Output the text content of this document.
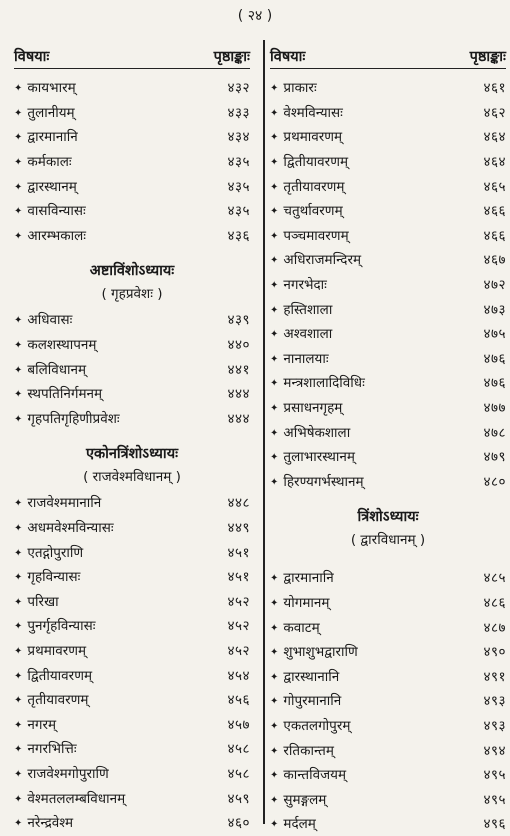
( २४ )
विषयाः	पृष्ठाङ्काः
✦ कायभारम्	४३२
✦ तुलानीयम्	४३३
✦ द्वारमानानि	४३४
✦ कर्मकालः	४३५
✦ द्वारस्थानम्	४३५
✦ वासविन्यासः	४३५
✦ आरम्भकालः	४३६
अष्टाविंशोऽध्यायः
( गृहप्रवेशः )
✦ अधिवासः	४३९
✦ कलशस्थापनम्	४४०
✦ बलिविधानम्	४४१
✦ स्थपतिनिर्गमनम्	४४४
✦ गृहपतिगृहिणीप्रवेशः	४४४
एकोनत्रिंशोऽध्यायः
( राजवेश्मविधानम् )
✦ राजवेश्ममानानि	४४८
✦ अधमवेश्मविन्यासः	४४९
✦ एतद्गोपुराणि	४५१
✦ गृहविन्यासः	४५१
✦ परिखा	४५२
✦ पुनर्गृहविन्यासः	४५२
✦ प्रथमावरणम्	४५२
✦ द्वितीयावरणम्	४५४
✦ तृतीयावरणम्	४५६
✦ नगरम्	४५७
✦ नगरभित्तिः	४५८
✦ राजवेश्मगोपुराणि	४५८
✦ वेश्मतललम्बविधानम्	४५९
✦ नरेन्द्रवेश्म	४६०
विषयाः	पृष्ठाङ्काः
✦ प्राकारः	४६१
✦ वेश्मविन्यासः	४६२
✦ प्रथमावरणम्	४६४
✦ द्वितीयावरणम्	४६४
✦ तृतीयावरणम्	४६५
✦ चतुर्थावरणम्	४६६
✦ पञ्चमावरणम्	४६६
✦ अधिराजमन्दिरम्	४६७
✦ नगरभेदाः	४७२
✦ हस्तिशाला	४७३
✦ अश्वशाला	४७५
✦ नानालयाः	४७६
✦ मन्त्रशालादिविधिः	४७६
✦ प्रसाधनगृहम्	४७७
✦ अभिषेकशाला	४७८
✦ तुलाभारस्थानम्	४७९
✦ हिरण्यगर्भस्थानम्	४८०
त्रिंशोऽध्यायः
( द्वारविधानम् )
✦ द्वारमानानि	४८५
✦ योगमानम्	४८६
✦ कवाटम्	४८७
✦ शुभाशुभद्वाराणि	४९०
✦ द्वारस्थानानि	४९१
✦ गोपुरमानानि	४९३
✦ एकतलगोपुरम्	४९३
✦ रतिकान्तम्	४९४
✦ कान्तविजयम्	४९५
✦ सुमङ्गलम्	४९५
✦ मर्दलम्	४९६
